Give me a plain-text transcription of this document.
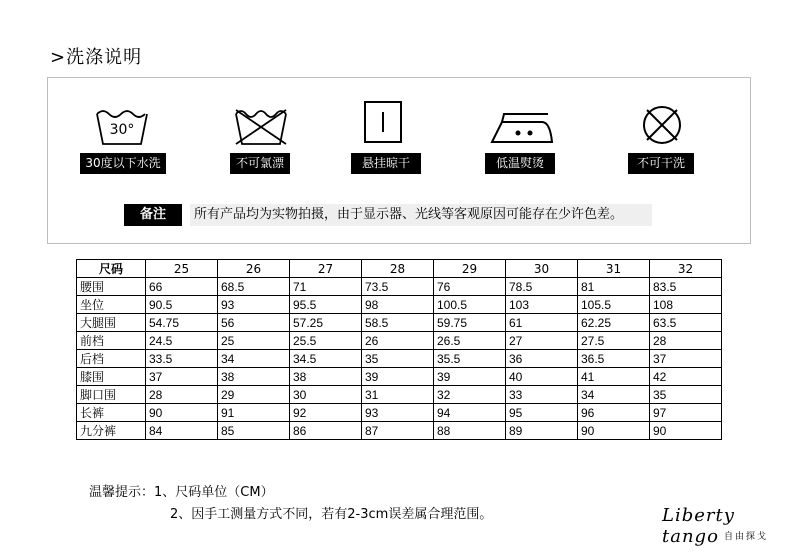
>洗涤说明
30°
30度以下水洗	不可氯漂	悬挂晾干	低温熨烫	不可干洗
备注	所有产品均为实物拍摄，由于显示器、光线等客观原因可能存在少许色差。
尺码	25	26	27	28	29	30	31	32
腰围	66	68.5	71	73.5	76	78.5	81	83.5
坐位	90.5	93	95.5	98	100.5	103	105.5	108
大腿围	54.75	56	57.25	58.5	59.75	61	62.25	63.5
前档	24.5	25	25.5	26	26.5	27	27.5	28
后档	33.5	34	34.5	35	35.5	36	36.5	37
膝围	37	38	38	39	39	40	41	42
脚口围	28	29	30	31	32	33	34	35
长裤	90	91	92	93	94	95	96	97
九分裤	84	85	86	87	88	89	90	90
温馨提示：1、尺码单位（CM）
2、因手工测量方式不同，若有2-3cm误差属合理范围。	Liberty tango 自由探戈
